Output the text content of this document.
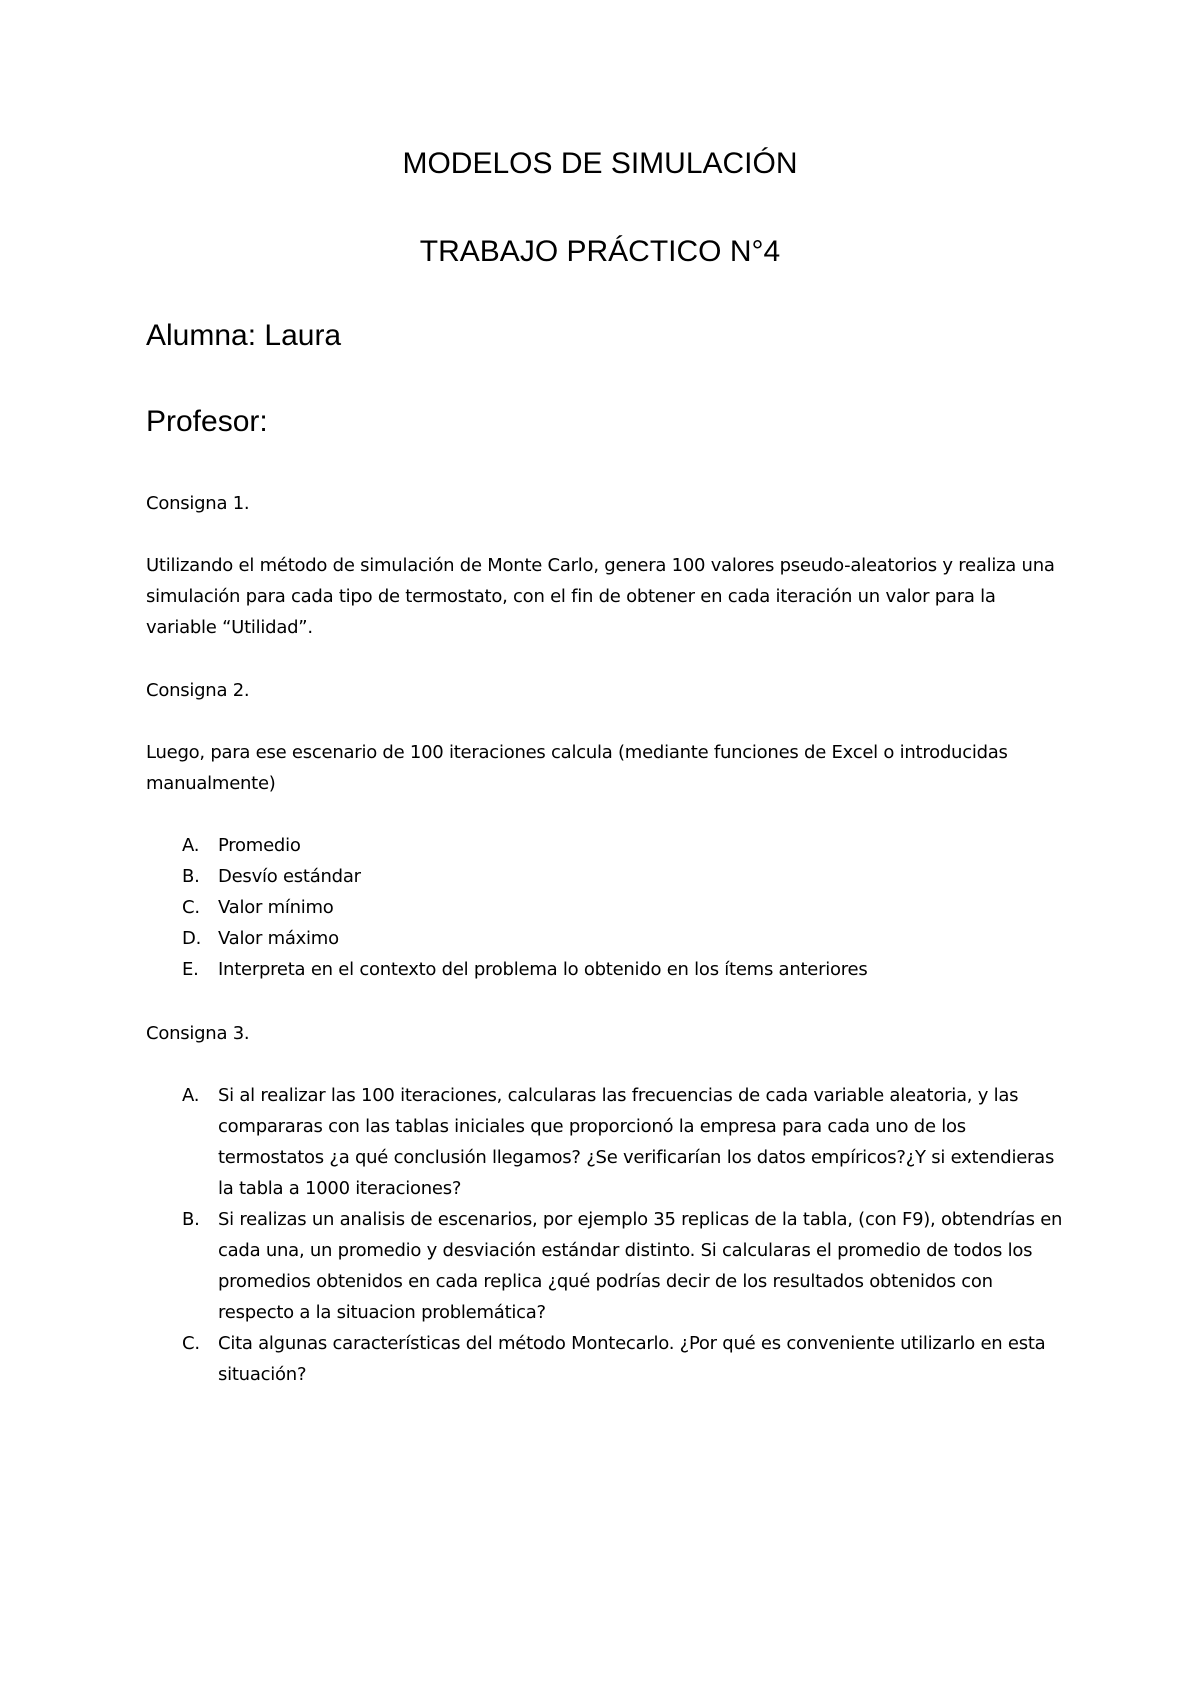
MODELOS DE SIMULACIÓN
TRABAJO PRÁCTICO N°4

Alumna: Laura

Profesor:

Consigna 1.

Utilizando el método de simulación de Monte Carlo, genera 100 valores pseudo-aleatorios y realiza una simulación para cada tipo de termostato, con el fin de obtener en cada iteración un valor para la variable “Utilidad”.

Consigna 2.

Luego, para ese escenario de 100 iteraciones calcula (mediante funciones de Excel o introducidas manualmente)

A. Promedio
B. Desvío estándar
C. Valor mínimo
D. Valor máximo
E. Interpreta en el contexto del problema lo obtenido en los ítems anteriores

Consigna 3.

A. Si al realizar las 100 iteraciones, calcularas las frecuencias de cada variable aleatoria, y las compararas con las tablas iniciales que proporcionó la empresa para cada uno de los termostatos ¿a qué conclusión llegamos? ¿Se verificarían los datos empíricos?¿Y si extendieras la tabla a 1000 iteraciones?
B. Si realizas un analisis de escenarios, por ejemplo 35 replicas de la tabla, (con F9), obtendrías en cada una, un promedio y desviación estándar distinto. Si calcularas el promedio de todos los promedios obtenidos en cada replica ¿qué podrías decir de los resultados obtenidos con respecto a la situacion problemática?
C. Cita algunas características del método Montecarlo. ¿Por qué es conveniente utilizarlo en esta situación?
